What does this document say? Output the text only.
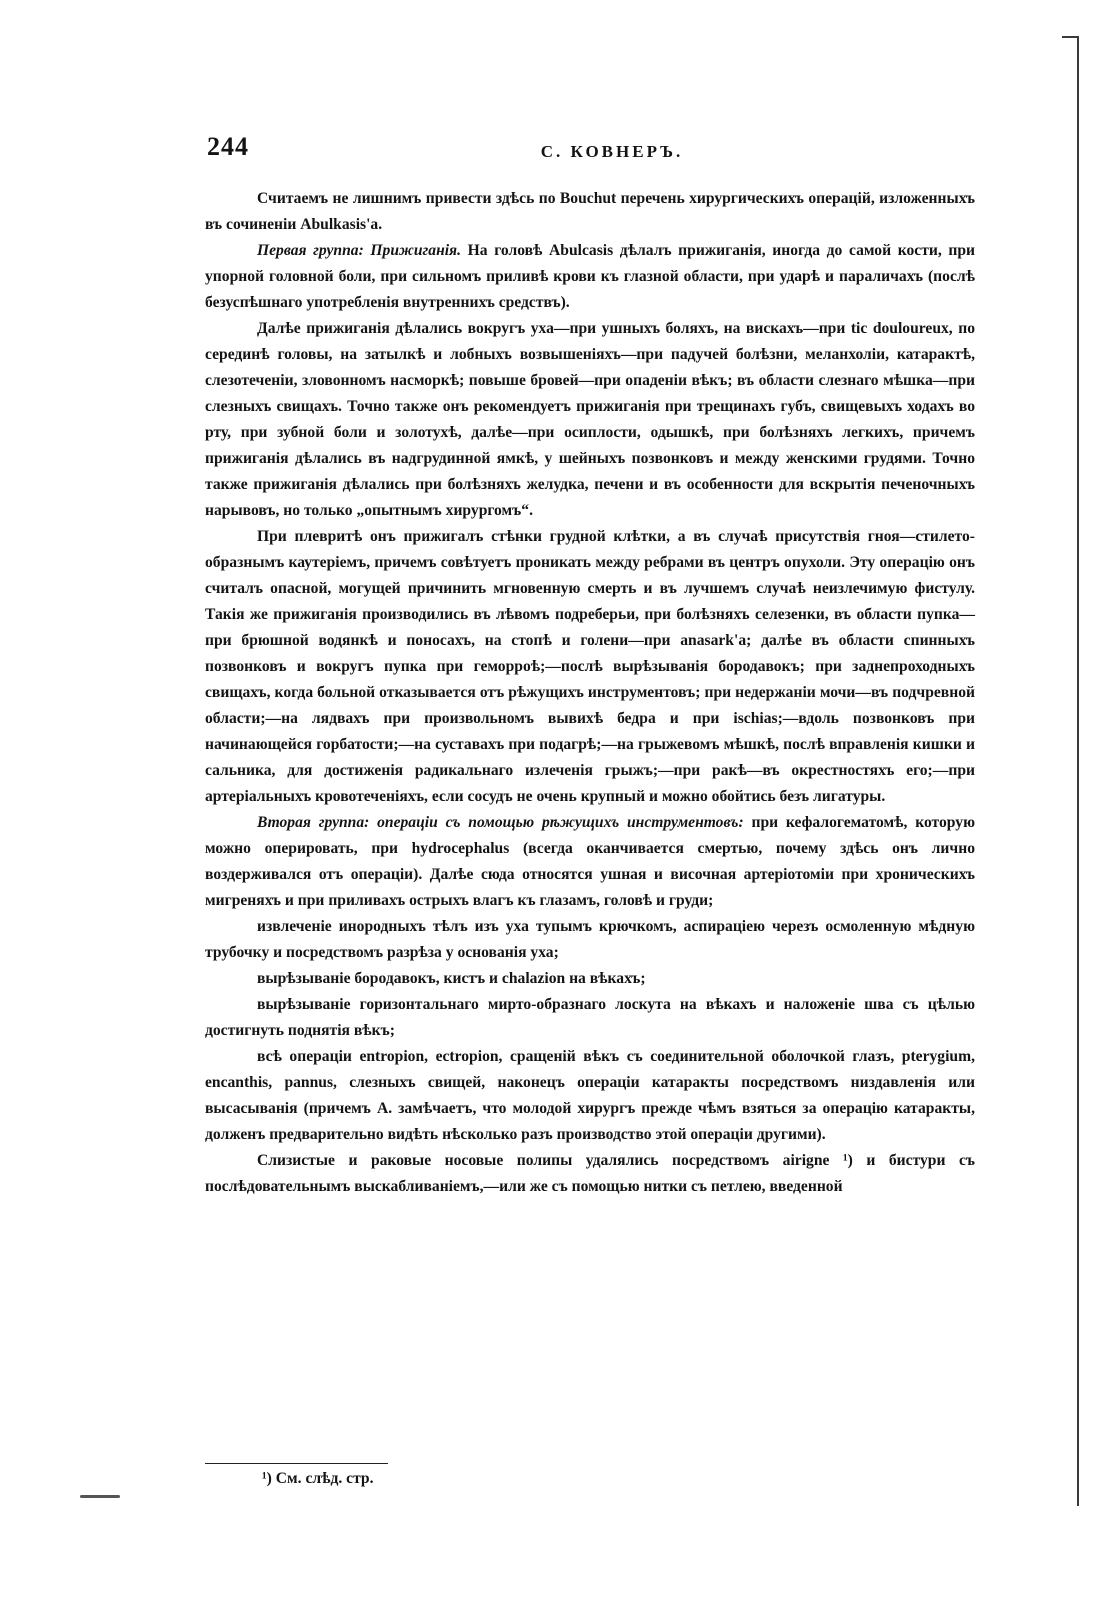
244	С. КОВНЕРЪ.

Считаемъ не лишнимъ привести здѣсь по Bouchut перечень хирургическихъ операцій, изложенныхъ въ сочиненіи Abulkasis'а.

Первая группа: Прижиганія. На головѣ Abulcasis дѣлалъ прижиганія, иногда до самой кости, при упорной головной боли, при сильномъ приливѣ крови къ глазной области, при ударѣ и параличахъ (послѣ безуспѣшнаго употребленія внутреннихъ средствъ).

Далѣе прижиганія дѣлались вокругъ уха—при ушныхъ боляхъ, на вискахъ—при tic douloureux, по серединѣ головы, на затылкѣ и лобныхъ возвышеніяхъ—при падучей болѣзни, меланхоліи, катарактѣ, слезотеченіи, зловонномъ насморкѣ; повыше бровей—при опаденіи вѣкъ; въ области слезнаго мѣшка—при слезныхъ свищахъ. Точно также онъ рекомендуетъ прижиганія при трещинахъ губъ, свищевыхъ ходахъ во рту, при зубной боли и золотухѣ, далѣе—при осиплости, одышкѣ, при болѣзняхъ легкихъ, причемъ прижиганія дѣлались въ надгрудинной ямкѣ, у шейныхъ позвонковъ и между женскими грудями. Точно также прижиганія дѣлались при болѣзняхъ желудка, печени и въ особенности для вскрытія печеночныхъ нарывовъ, но только „опытнымъ хирургомъ“.

При плевритѣ онъ прижигалъ стѣнки грудной клѣтки, а въ случаѣ присутствія гноя—стилето-образнымъ каутеріемъ, причемъ совѣтуетъ проникать между ребрами въ центръ опухоли. Эту операцію онъ считалъ опасной, могущей причинить мгновенную смерть и въ лучшемъ случаѣ неизлечимую фистулу. Такія же прижиганія производились въ лѣвомъ подреберьи, при болѣзняхъ селезенки, въ области пупка—при брюшной водянкѣ и поносахъ, на стопѣ и голени—при anasark'а; далѣе въ области спинныхъ позвонковъ и вокругъ пупка при геморроѣ;—послѣ вырѣзыванія бородавокъ; при заднепроходныхъ свищахъ, когда больной отказывается отъ рѣжущихъ инструментовъ; при недержаніи мочи—въ подчревной области;—на лядвахъ при произвольномъ вывихѣ бедра и при ischias;—вдоль позвонковъ при начинающейся горбатости;—на суставахъ при подагрѣ;—на грыжевомъ мѣшкѣ, послѣ вправленія кишки и сальника, для достиженія радикальнаго излеченія грыжъ;—при ракѣ—въ окрестностяхъ его;—при артеріальныхъ кровотеченіяхъ, если сосудъ не очень крупный и можно обойтись безъ лигатуры.

Вторая группа: операціи съ помощью рѣжущихъ инструментовъ: при кефалогематомѣ, которую можно оперировать, при hydrocephalus (всегда оканчивается смертью, почему здѣсь онъ лично воздерживался отъ операціи). Далѣе сюда относятся ушная и височная артеріотоміи при хроническихъ мигреняхъ и при приливахъ острыхъ влагъ къ глазамъ, головѣ и груди;

извлеченіе инородныхъ тѣлъ изъ уха тупымъ крючкомъ, аспираціею черезъ осмоленную мѣдную трубочку и посредствомъ разрѣза у основанія уха;

вырѣзываніе бородавокъ, кистъ и chalazion на вѣкахъ;

вырѣзываніе горизонтальнаго мирто-образнаго лоскута на вѣкахъ и наложеніе шва съ цѣлью достигнуть поднятія вѣкъ;

всѣ операціи entropion, ectropion, сращеній вѣкъ съ соединительной оболочкой глазъ, pterygium, encanthis, pannus, слезныхъ свищей, наконецъ операціи катаракты посредствомъ низдавленія или высасыванія (причемъ А. замѣчаетъ, что молодой хирургъ прежде чѣмъ взяться за операцію катаракты, долженъ предварительно видѣть нѣсколько разъ производство этой операціи другими).

Слизистые и раковые носовые полипы удалялись посредствомъ airigne ¹) и бистури съ послѣдовательнымъ выскабливаніемъ,—или же съ помощью нитки съ петлею, введенной

¹) См. слѣд. стр.
